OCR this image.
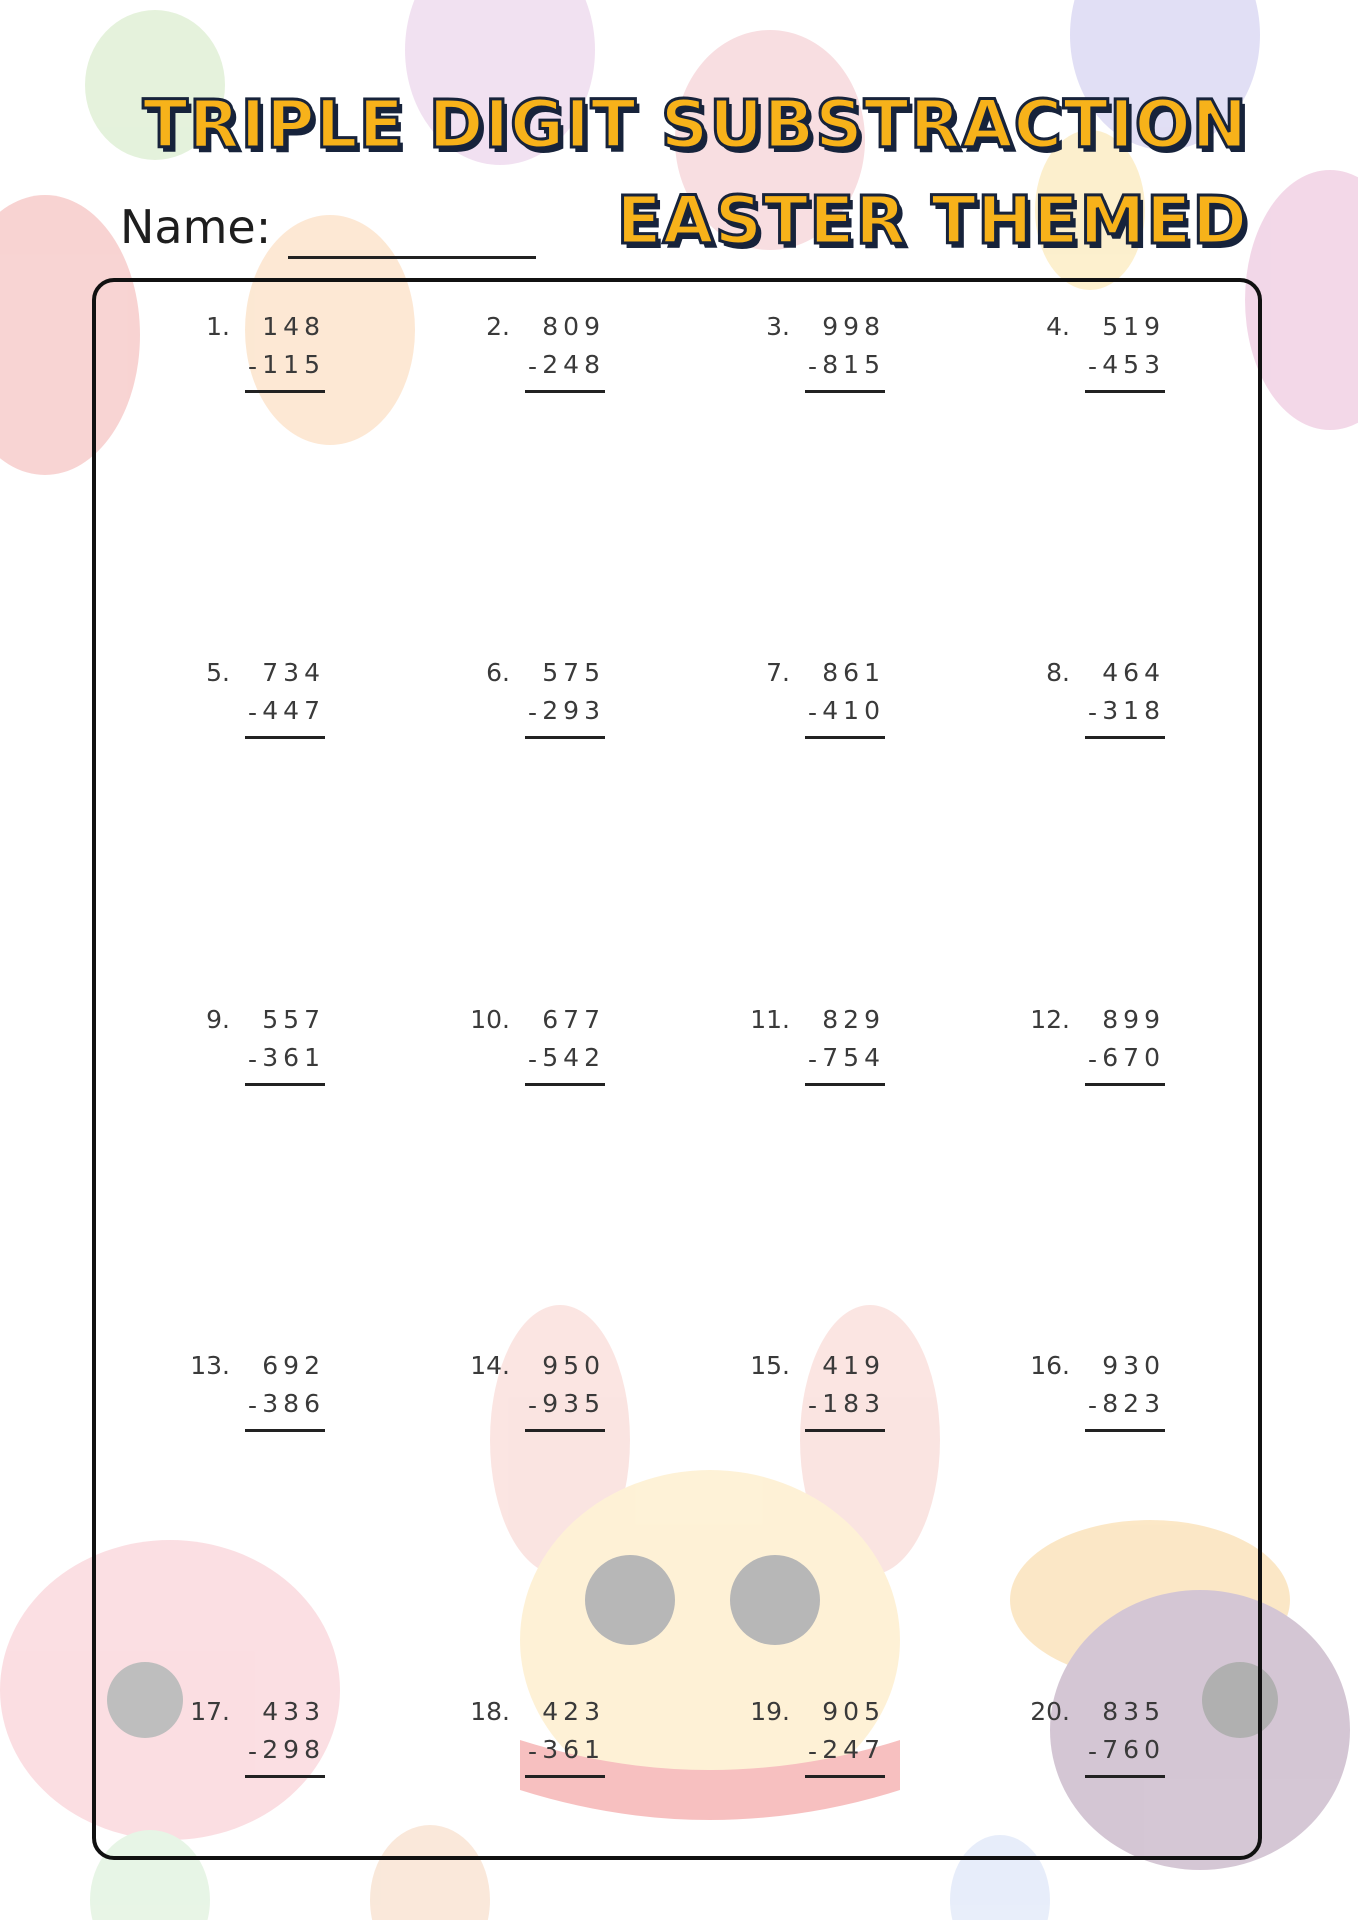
TRIPLE DIGIT SUBSTRACTION
EASTER THEMED
Name:
1. 148
- 115
2. 809
- 248
3. 998
- 815
4. 519
- 453
5. 734
- 447
6. 575
- 293
7. 861
- 410
8. 464
- 318
9. 557
- 361
10. 677
- 542
11. 829
- 754
12. 899
- 670
13. 692
- 386
14. 950
- 935
15. 419
- 183
16. 930
- 823
17. 433
- 298
18. 423
- 361
19. 905
- 247
20. 835
- 760
